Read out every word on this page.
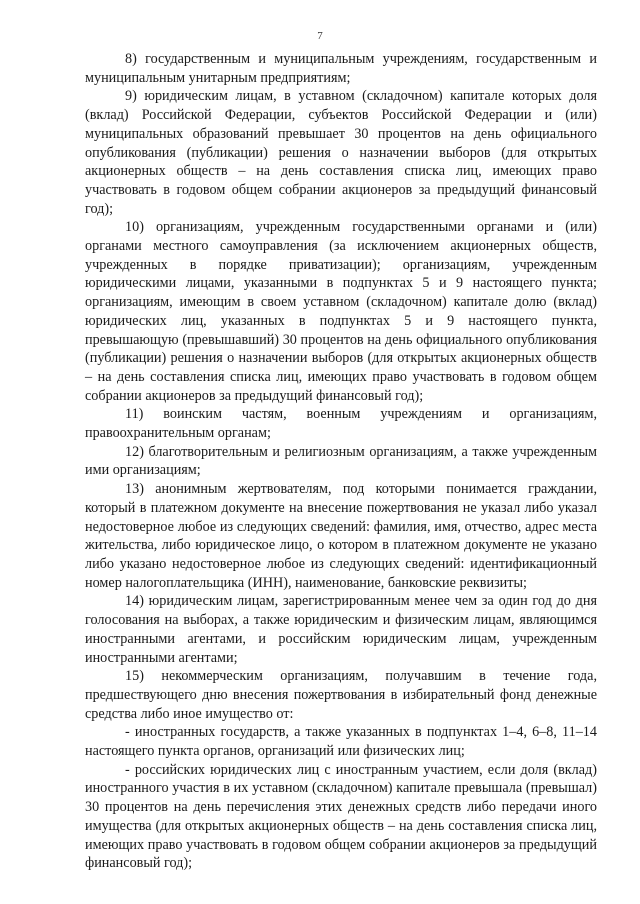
7

8) государственным и муниципальным учреждениям, государственным и муниципальным унитарным предприятиям;

9) юридическим лицам, в уставном (складочном) капитале которых доля (вклад) Российской Федерации, субъектов Российской Федерации и (или) муниципальных образований превышает 30 процентов на день официального опубликования (публикации) решения о назначении выборов (для открытых акционерных обществ – на день составления списка лиц, имеющих право участвовать в годовом общем собрании акционеров за предыдущий финансовый год);

10) организациям, учрежденным государственными органами и (или) органами местного самоуправления (за исключением акционерных обществ, учрежденных в порядке приватизации); организациям, учрежденным юридическими лицами, указанными в подпунктах 5 и 9 настоящего пункта; организациям, имеющим в своем уставном (складочном) капитале долю (вклад) юридических лиц, указанных в подпунктах 5 и 9 настоящего пункта, превышающую (превышавший) 30 процентов на день официального опубликования (публикации) решения о назначении выборов (для открытых акционерных обществ – на день составления списка лиц, имеющих право участвовать в годовом общем собрании акционеров за предыдущий финансовый год);

11) воинским частям, военным учреждениям и организациям, правоохранительным органам;

12) благотворительным и религиозным организациям, а также учрежденным ими организациям;

13) анонимным жертвователям, под которыми понимается граждании, который в платежном документе на внесение пожертвования не указал либо указал недостоверное любое из следующих сведений: фамилия, имя, отчество, адрес места жительства, либо юридическое лицо, о котором в платежном документе не указано либо указано недостоверное любое из следующих сведений: идентификационный номер налогоплательщика (ИНН), наименование, банковские реквизиты;

14) юридическим лицам, зарегистрированным менее чем за один год до дня голосования на выборах, а также юридическим и физическим лицам, являющимся иностранными агентами, и российским юридическим лицам, учрежденным иностранными агентами;

15) некоммерческим организациям, получавшим в течение года, предшествующего дню внесения пожертвования в избирательный фонд денежные средства либо иное имущество от:

- иностранных государств, а также указанных в подпунктах 1–4, 6–8, 11–14 настоящего пункта органов, организаций или физических лиц;

- российских юридических лиц с иностранным участием, если доля (вклад) иностранного участия в их уставном (складочном) капитале превышала (превышал) 30 процентов на день перечисления этих денежных средств либо передачи иного имущества (для открытых акционерных обществ – на день составления списка лиц, имеющих право участвовать в годовом общем собрании акционеров за предыдущий финансовый год);
